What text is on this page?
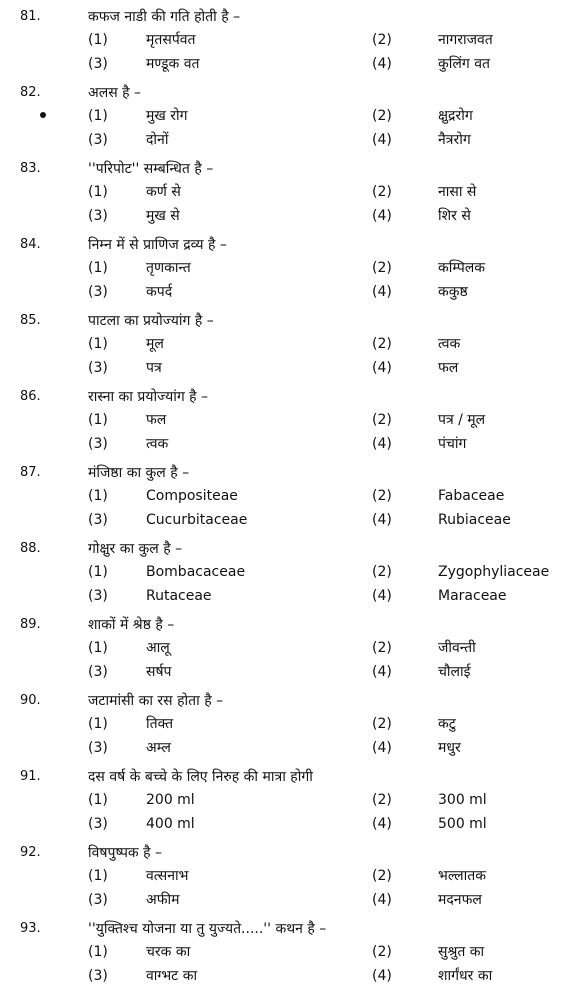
81.	कफज नाडी की गति होती है –
(1)	मृतसर्पवत	(2)	नागराजवत
(3)	मण्डूक वत	(4)	कुलिंग वत
82.	अलस है –
(1)	मुख रोग	(2)	क्षुद्ररोग
(3)	दोनों	(4)	नैत्ररोग
83.	''परिपोट'' सम्बन्धित है –
(1)	कर्ण से	(2)	नासा से
(3)	मुख से	(4)	शिर से
84.	निम्न में से प्राणिज द्रव्य है –
(1)	तृणकान्त	(2)	कम्पिलक
(3)	कपर्द	(4)	ककुष्ठ
85.	पाटला का प्रयोज्यांग है –
(1)	मूल	(2)	त्वक
(3)	पत्र	(4)	फल
86.	रास्ना का प्रयोज्यांग है –
(1)	फल	(2)	पत्र / मूल
(3)	त्वक	(4)	पंचांग
87.	मंजिष्ठा का कुल है –
(1)	Compositeae	(2)	Fabaceae
(3)	Cucurbitaceae	(4)	Rubiaceae
88.	गोक्षुर का कुल है –
(1)	Bombacaceae	(2)	Zygophyliaceae
(3)	Rutaceae	(4)	Maraceae
89.	शाकों में श्रेष्ठ है –
(1)	आलू	(2)	जीवन्ती
(3)	सर्षप	(4)	चौलाई
90.	जटामांसी का रस होता है –
(1)	तिक्त	(2)	कटु
(3)	अम्ल	(4)	मधुर
91.	दस वर्ष के बच्चे के लिए निरुह की मात्रा होगी
(1)	200 ml	(2)	300 ml
(3)	400 ml	(4)	500 ml
92.	विषपुष्पक है –
(1)	वत्सनाभ	(2)	भल्लातक
(3)	अफीम	(4)	मदनफल
93.	''युक्तिश्च योजना या तु युज्यते.....'' कथन है –
(1)	चरक का	(2)	सुश्रुत का
(3)	वाग्भट का	(4)	शार्गंधर का
